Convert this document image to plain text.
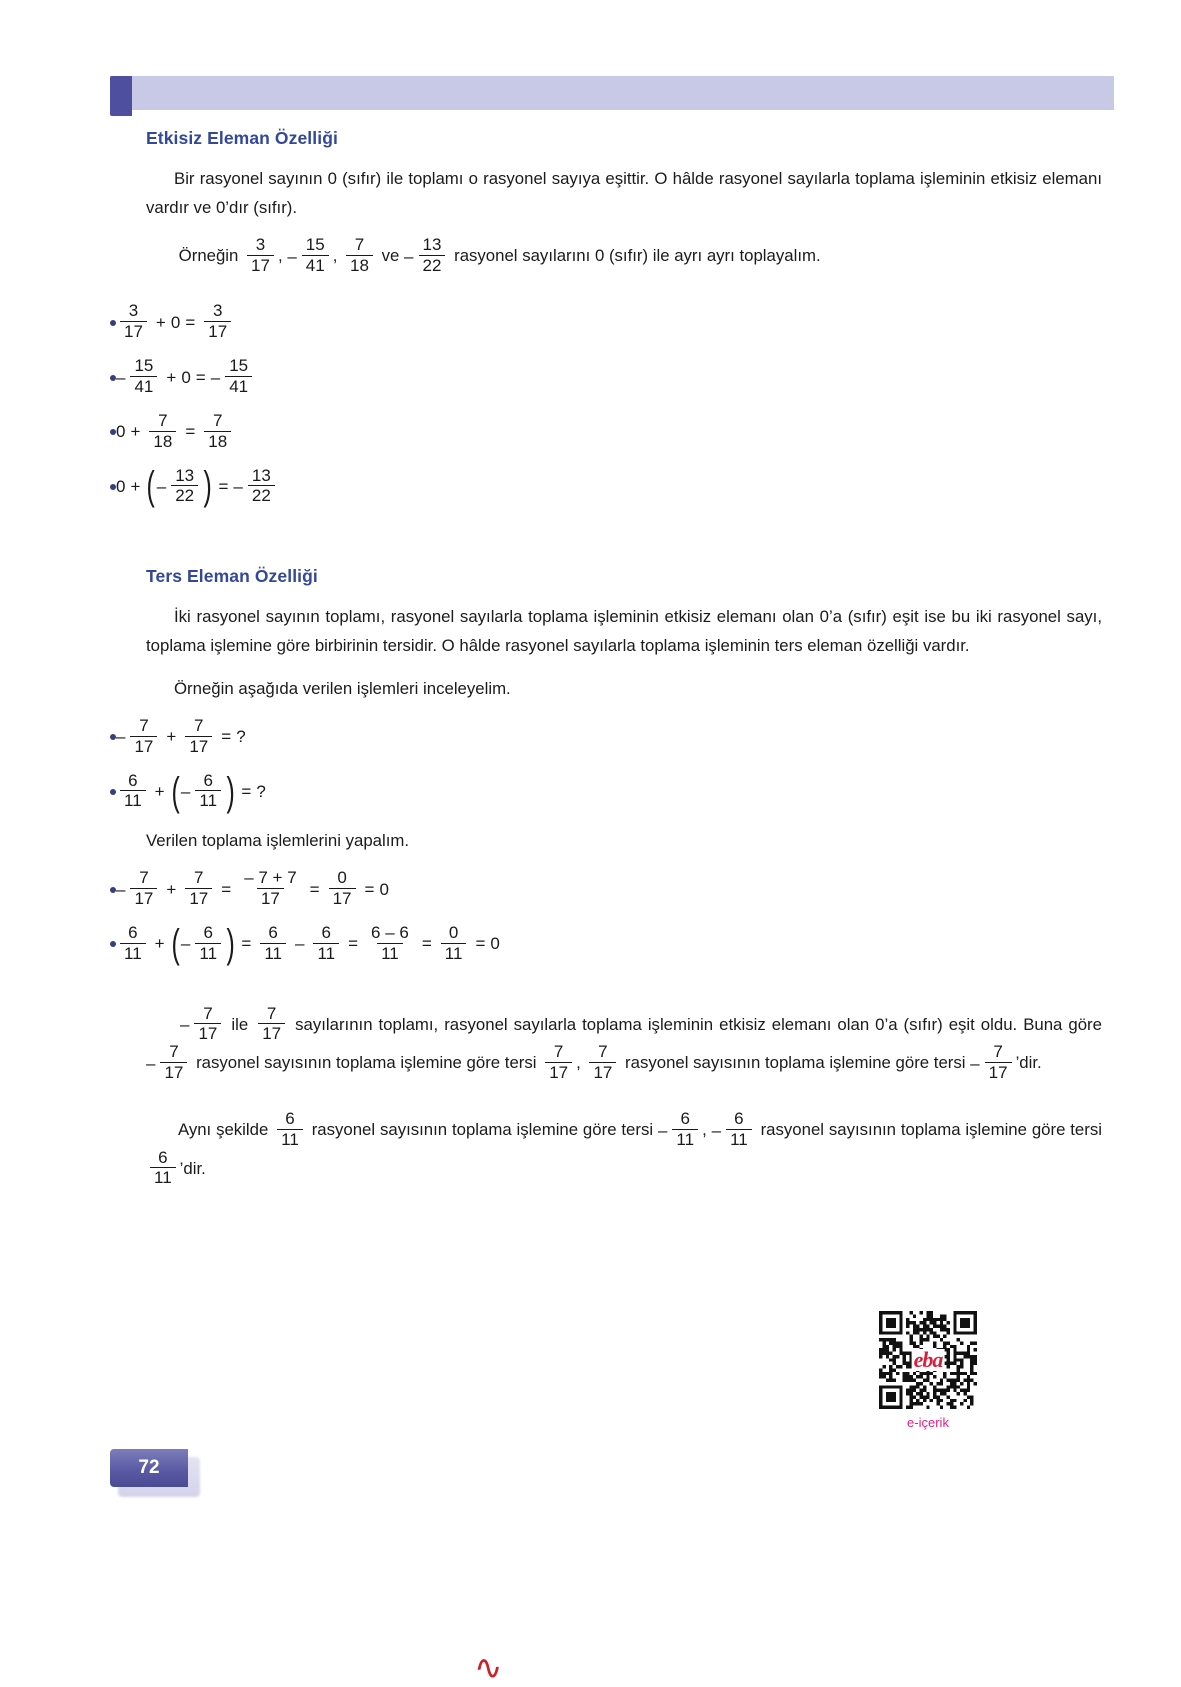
Etkisiz Eleman Özelliği

Bir rasyonel sayının 0 (sıfır) ile toplamı o rasyonel sayıya eşittir. O hâlde rasyonel sayılarla toplama işleminin etkisiz elemanı vardır ve 0’dır (sıfır).

Örneğin $\frac{3}{17}$ , – $\frac{15}{41}$ , $\frac{7}{18}$ ve – $\frac{13}{22}$ rasyonel sayılarını 0 (sıfır) ile ayrı ayrı toplayalım.

$\frac{3}{17} + 0 = \frac{3}{17}$
– $\frac{15}{41} + 0$ = – $\frac{15}{41}$
$0 + \frac{7}{18} = \frac{7}{18}$
0 + ( – $\frac{13}{22}$ ) = – $\frac{13}{22}$
Ters Eleman Özelliği

İki rasyonel sayının toplamı, rasyonel sayılarla toplama işleminin etkisiz elemanı olan 0’a (sıfır) eşit ise bu iki rasyonel sayı, toplama işlemine göre birbirinin tersidir. O hâlde rasyonel sayılarla toplama işleminin ters eleman özelliği vardır.

Örneğin aşağıda verilen işlemleri inceleyelim.

– $\frac{7}{17} + \frac{7}{17}$ = ?
$\frac{6}{11}$ + ( – $\frac{6}{11}$ ) = ?

Verilen toplama işlemlerini yapalım.

– $\frac{7}{17} + \frac{7}{17} = \frac{- 7 + 7}{17} = \frac{0}{17} = 0$
$\frac{6}{11}$ + ( – $\frac{6}{11}$ ) = $\frac{6}{11} - \frac{6}{11} = \frac{6 - 6}{11} = \frac{0}{11} = 0$

– $\frac{7}{17}$ ile $\frac{7}{17}$ sayılarının toplamı, rasyonel sayılarla toplama işleminin etkisiz elemanı olan 0’a (sıfır) eşit oldu. Buna göre
– $\frac{7}{17}$ rasyonel sayısının toplama işlemine göre tersi $\frac{7}{17}$ , $\frac{7}{17}$ rasyonel sayısının toplama işlemine göre tersi – $\frac{7}{17}$ ’dir.

Aynı şekilde $\frac{6}{11}$ rasyonel sayısının toplama işlemine göre tersi – $\frac{6}{11}$ , – $\frac{6}{11}$ rasyonel sayısının toplama işlemine göre tersi
$\frac{6}{11}$ ’dir.

eba
e-içerik
72
∿
